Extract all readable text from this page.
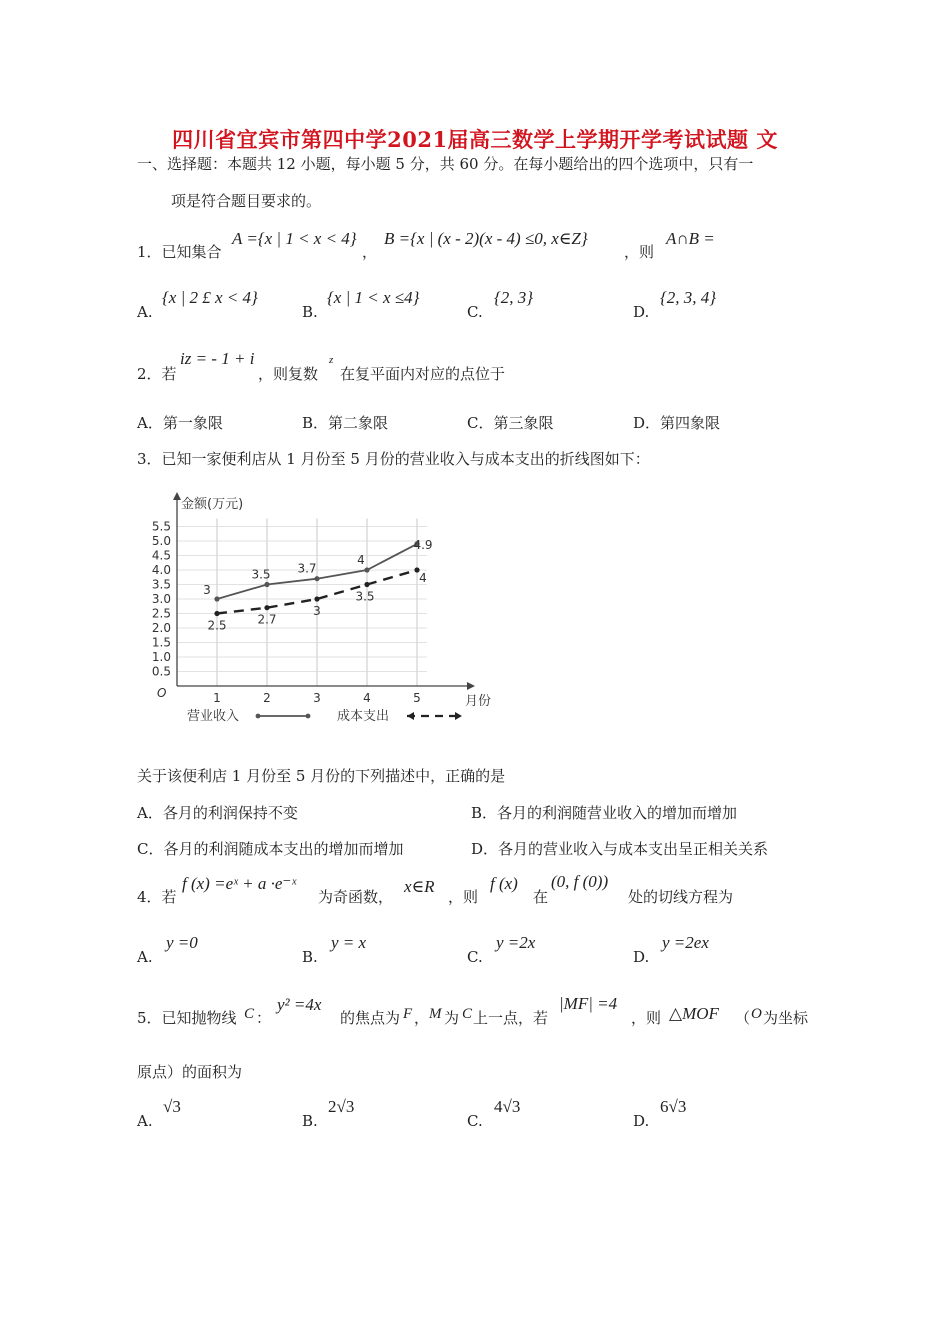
四川省宜宾市第四中学2021届高三数学上学期开学考试试题 文
一、选择题：本题共 12 小题，每小题 5 分，共 60 分。在每小题给出的四个选项中，只有一
项是符合题目要求的。
1．已知集合
A ={x | 1 < x < 4}
，
B ={x | (x - 2)(x - 4) ≤0, x∈Z}
，则
A∩B =
A.
{x | 2 £ x < 4}
B.
{x | 1 < x ≤4}
C.
{2, 3}
D.
{2, 3, 4}
2．若
iz = - 1 + i
，则复数
z
在复平面内对应的点位于
A．第一象限	B．第二象限	C．第三象限	D．第四象限
3．已知一家便利店从 1 月份至 5 月份的营业收入与成本支出的折线图如下：
金额(万元)
月份
O
0.5
1.0
1.5
2.0
2.5
3.0
3.5
4.0
4.5
5.0
5.5
1	2	3	4	5
3
3.5 3.7
4
4.9
2.5	2.7
3
3.5
4
营业收入	成本支出
关于该便利店 1 月份至 5 月份的下列描述中，正确的是
A．各月的利润保持不变	B．各月的利润随营业收入的增加而增加
C．各月的利润随成本支出的增加而增加	D．各月的营业收入与成本支出呈正相关关系
4．若
f (x) =eˣ + a ·e⁻ˣ
为奇函数，
x∈R
，则
f (x)
在
(0, f (0))
处的切线方程为
A.
y =0
B.
y = x
C.
y =2x
D.
y =2ex
5．已知抛物线 C ：
y² =4x
的焦点为 F ， M 为 C 上一点，若
|MF| =4
，则 △MOF （ O 为坐标
原点）的面积为
A.
√3
B.
2√3
C.
4√3
D.
6√3
